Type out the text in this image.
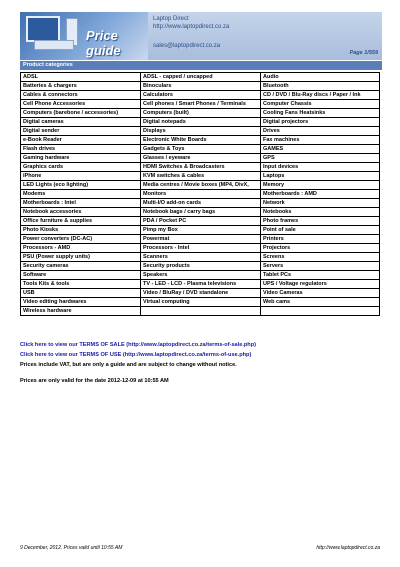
Price guide
Laptop Direct
http://www.laptopdirect.co.za
sales@laptopdirect.co.za
Page 1/559
Product categories
ADSL	ADSL - capped / uncapped	Audio
Batteries & chargers	Binoculars	Bluetooth
Cables & connectors	Calculators	CD / DVD / Blu-Ray discs / Paper / Ink
Cell Phone Accessories	Cell phones / Smart Phones / Terminals	Computer Chassis
Computers (barebone / accessories)	Computers (built)	Cooling Fans Heatsinks
Digital cameras	Digital notepads	Digital projectors
Digital sender	Displays	Drives
e-Book Reader	Electronic White Boards	Fax machines
Flash drives	Gadgets & Toys	GAMES
Gaming hardware	Glasses / eyeware	GPS
Graphics cards	HDMI Switches & Broadcasters	Input devices
iPhone	KVM switches & cables	Laptops
LED Lights (eco lighting)	Media centres / Movie boxes (MP4, DivX,	Memory
Modems	Monitors	Motherboards : AMD
Motherboards : Intel	Multi-I/O add-on cards	Network
Notebook accessories	Notebook bags / carry bags	Notebooks
Office furniture & supplies	PDA / Pocket PC	Photo frames
Photo Kiosks	Pimp my Box	Point of sale
Power converters (DC-AC)	Powermat	Printers
Processors - AMD	Processors - Intel	Projectors
PSU (Power supply units)	Scanners	Screens
Security cameras	Security products	Servers
Software	Speakers	Tablet PCs
Tools Kits & tools	TV - LED - LCD - Plasma televisions	UPS / Voltage regulators
USB	Video / BluRay / DVD standalone	Video Cameras
Video editing hardwares	Virtual computing	Web cams
Wireless hardware		
Click here to view our TERMS OF SALE (http://www.laptopdirect.co.za/terms-of-sale.php)
Click here to view our TERMS OF USE (http://www.laptopdirect.co.za/terms-of-use.php)
Prices include VAT, but are only a guide and are subject to change without notice.
Prices are only valid for the date 2012-12-09 at 10:55 AM
9 December, 2012. Prices valid until 10:55 AM	http://www.laptopdirect.co.za
